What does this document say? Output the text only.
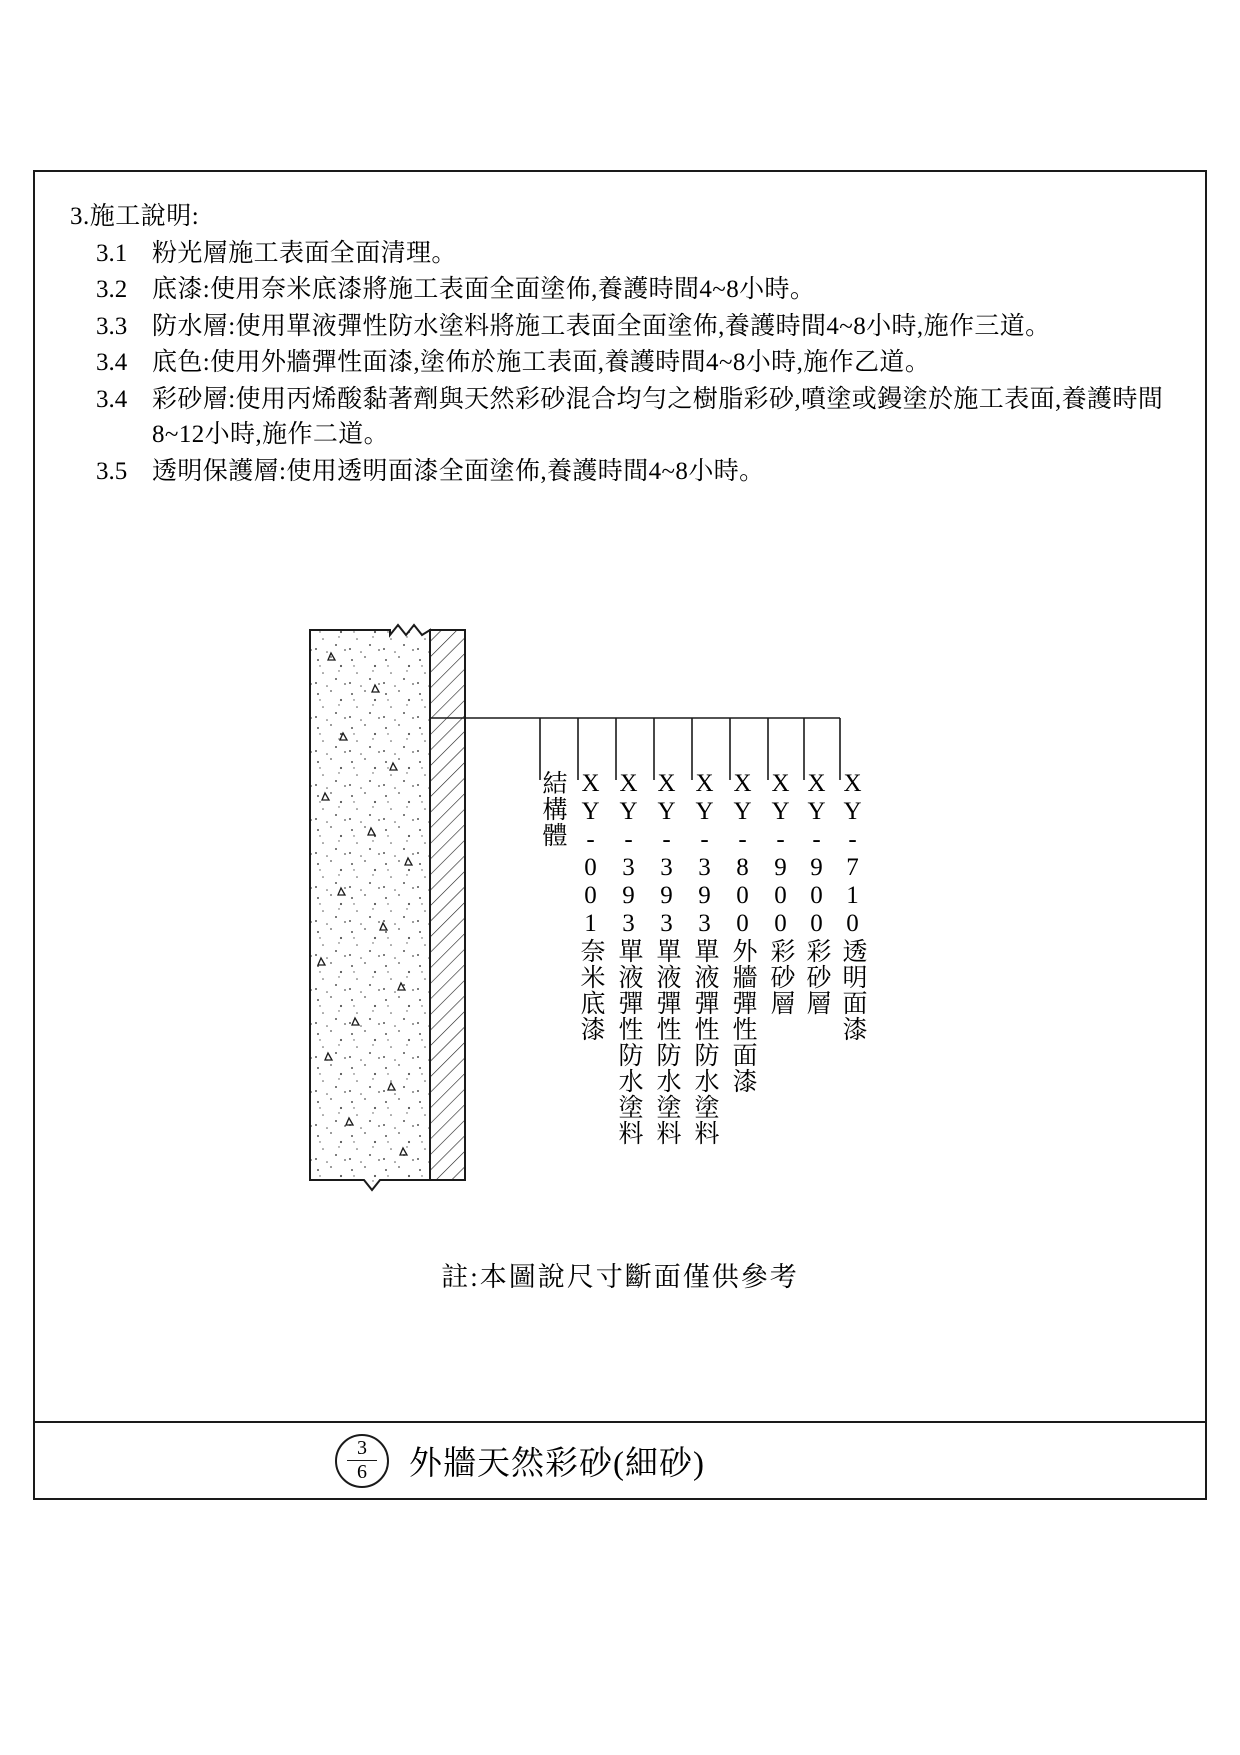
3.施工說明:
3.1 粉光層施工表面全面清理。
3.2 底漆:使用奈米底漆將施工表面全面塗佈,養護時間4~8小時。
3.3 防水層:使用單液彈性防水塗料將施工表面全面塗佈,養護時間4~8小時,施作三道。
3.4 底色:使用外牆彈性面漆,塗佈於施工表面,養護時間4~8小時,施作乙道。
3.4 彩砂層:使用丙烯酸黏著劑與天然彩砂混合均勻之樹脂彩砂,噴塗或鏝塗於施工表面,養護時間8~12小時,施作二道。
3.5 透明保護層:使用透明面漆全面塗佈,養護時間4~8小時。
結構體 XY-001奈米底漆 XY-393單液彈性防水塗料 XY-393單液彈性防水塗料 XY-393單液彈性防水塗料 XY-800外牆彈性面漆 XY-900彩砂層 XY-900彩砂層 XY-710透明面漆
註:本圖說尺寸斷面僅供參考
3
6 外牆天然彩砂(細砂)
